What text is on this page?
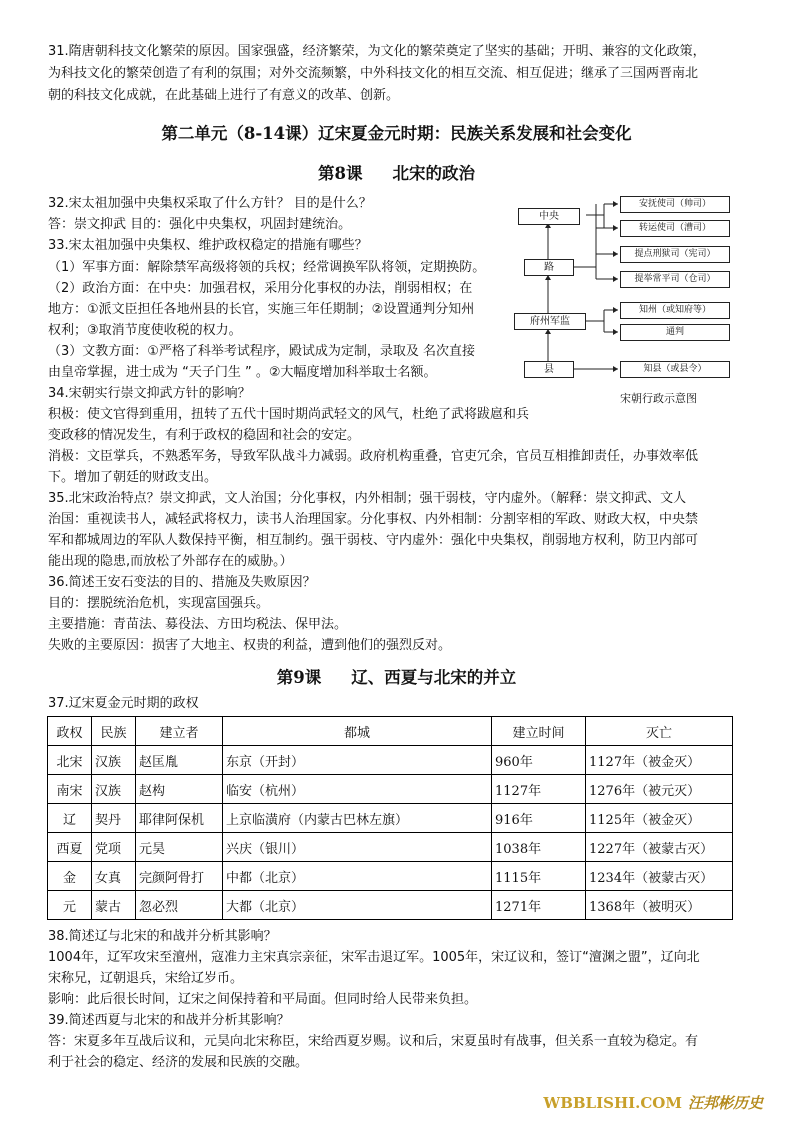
31.隋唐朝科技文化繁荣的原因。国家强盛，经济繁荣，为文化的繁荣奠定了坚实的基础；开明、兼容的文化政策，

为科技文化的繁荣创造了有利的氛围；对外交流频繁，中外科技文化的相互交流、相互促进；继承了三国两晋南北

朝的科技文化成就，在此基础上进行了有意义的改革、创新。

第二单元（8-14课）辽宋夏金元时期：民族关系发展和社会变化
第8课 北宋的政治

32.宋太祖加强中央集权采取了什么方针？ 目的是什么？

答：崇文抑武 目的：强化中央集权，巩固封建统治。

33.宋太祖加强中央集权、维护政权稳定的措施有哪些？

（1）军事方面：解除禁军高级将领的兵权；经常调换军队将领，定期换防。

（2）政治方面：在中央：加强君权，采用分化事权的办法，削弱相权；在

地方：①派文臣担任各地州县的长官，实施三年任期制；②设置通判分知州

权利；③取消节度使收税的权力。

（3）文教方面：①严格了科举考试程序，殿试成为定制，录取及 名次直接

由皇帝掌握，进士成为 “天子门生 ” 。②大幅度增加科举取士名额。

中央
路
府州军监
县
安抚使司（帅司）
转运使司（漕司）
提点刑狱司（宪司）
提举常平司（仓司）
知州（或知府等）
通判
知县（或县令）
宋朝行政示意图

34.宋朝实行崇文抑武方针的影响？

积极：使文官得到重用，扭转了五代十国时期尚武轻文的风气，杜绝了武将跋扈和兵

变政移的情况发生，有利于政权的稳固和社会的安定。

消极：文臣掌兵，不熟悉军务，导致军队战斗力减弱。政府机构重叠，官吏冗余，官员互相推卸责任，办事效率低

下。增加了朝廷的财政支出。

35.北宋政治特点？崇文抑武，文人治国；分化事权，内外相制；强干弱枝，守内虚外。（解释：崇文抑武、文人

治国：重视读书人，减轻武将权力，读书人治理国家。分化事权、内外相制：分割宰相的军政、财政大权，中央禁

军和都城周边的军队人数保持平衡，相互制约。强干弱枝、守内虚外：强化中央集权，削弱地方权利，防卫内部可

能出现的隐患,而放松了外部存在的威胁。）

36.简述王安石变法的目的、措施及失败原因？

目的：摆脱统治危机，实现富国强兵。

主要措施：青苗法、募役法、方田均税法、保甲法。

失败的主要原因：损害了大地主、权贵的利益，遭到他们的强烈反对。

第9课 辽、西夏与北宋的并立

37.辽宋夏金元时期的政权

政权	民族	建立者	都城	建立时间	灭亡
北宋	汉族	赵匡胤	东京（开封）	960年	1127年（被金灭）
南宋	汉族	赵构	临安（杭州）	1127年	1276年（被元灭）
辽	契丹	耶律阿保机	上京临潢府（内蒙古巴林左旗）	916年	1125年（被金灭）
西夏	党项	元昊	兴庆（银川）	1038年	1227年（被蒙古灭）
金	女真	完颜阿骨打	中都（北京）	1115年	1234年（被蒙古灭）
元	蒙古	忽必烈	大都（北京）	1271年	1368年（被明灭）

38.简述辽与北宋的和战并分析其影响？

1004年，辽军攻宋至澶州，寇准力主宋真宗亲征，宋军击退辽军。1005年，宋辽议和，签订“澶渊之盟”，辽向北

宋称兄，辽朝退兵，宋给辽岁币。

影响：此后很长时间，辽宋之间保持着和平局面。但同时给人民带来负担。

39.简述西夏与北宋的和战并分析其影响？

答：宋夏多年互战后议和，元昊向北宋称臣，宋给西夏岁赐。议和后，宋夏虽时有战事，但关系一直较为稳定。有

利于社会的稳定、经济的发展和民族的交融。

WBBLISHI.COM 汪邦彬历史
